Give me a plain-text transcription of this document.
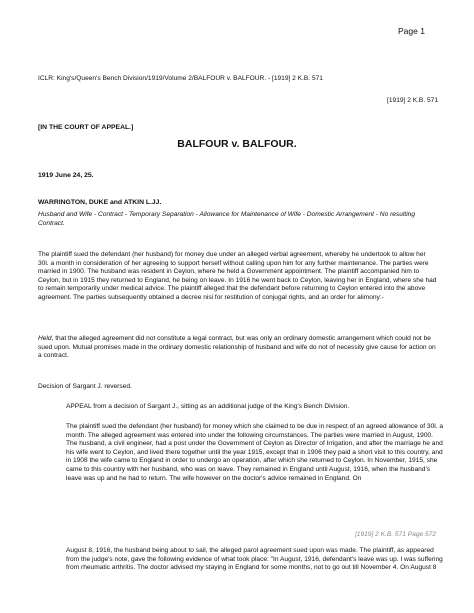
Page 1
ICLR: King's/Queen's Bench Division/1919/Volume 2/BALFOUR v. BALFOUR. - [1919] 2 K.B. 571
[1919] 2 K.B. 571
[IN THE COURT OF APPEAL.]
BALFOUR v. BALFOUR.
1919 June 24, 25.
WARRINGTON, DUKE and ATKIN L.JJ.

Husband and Wife - Contract - Temporary Separation - Allowance for Maintenance of Wife - Domestic Arrangement - No resulting Contract.

The plaintiff sued the defendant (her husband) for money due under an alleged verbal agreement, whereby he undertook to allow her 30l. a month in consideration of her agreeing to support herself without calling upon him for any further maintenance. The parties were married in 1900. The husband was resident in Ceylon, where he held a Government appointment. The plaintiff accompanied him to Ceylon, but in 1915 they returned to England, he being on leave. In 1916 he went back to Ceylon, leaving her in England, where she had to remain temporarily under medical advice. The plaintiff alleged that the defendant before returning to Ceylon entered into the above agreement. The parties subsequently obtained a decree nisi for restitution of conjugal rights, and an order for alimony:-

Held, that the alleged agreement did not constitute a legal contract, but was only an ordinary domestic arrangement which could not be sued upon. Mutual promises made in the ordinary domestic relationship of husband and wife do not of necessity give cause for action on a contract.

Decision of Sargant J. reversed.

APPEAL from a decision of Sargant J., sitting as an additional judge of the King's Bench Division.

The plaintiff sued the defendant (her husband) for money which she claimed to be due in respect of an agreed allowance of 30l. a month. The alleged agreement was entered into under the following circumstances. The parties were married in August, 1900. The husband, a civil engineer, had a post under the Government of Ceylon as Director of Irrigation, and after the marriage he and his wife went to Ceylon, and lived there together until the year 1915, except that in 1906 they paid a short visit to this country, and in 1908 the wife came to England in order to undergo an operation, after which she returned to Ceylon. In November, 1915, she came to this country with her husband, who was on leave. They remained in England until August, 1916, when the husband's leave was up and he had to return. The wife however on the doctor's advice remained in England. On

[1919] 2 K.B. 571 Page 572

August 8, 1916, the husband being about to sail, the alleged parol agreement sued upon was made. The plaintiff, as appeared from the judge's note, gave the following evidence of what took place: "In August, 1916, defendant's leave was up. I was suffering from rheumatic arthritis. The doctor advised my staying in England for some months, not to go out till November 4. On August 8
